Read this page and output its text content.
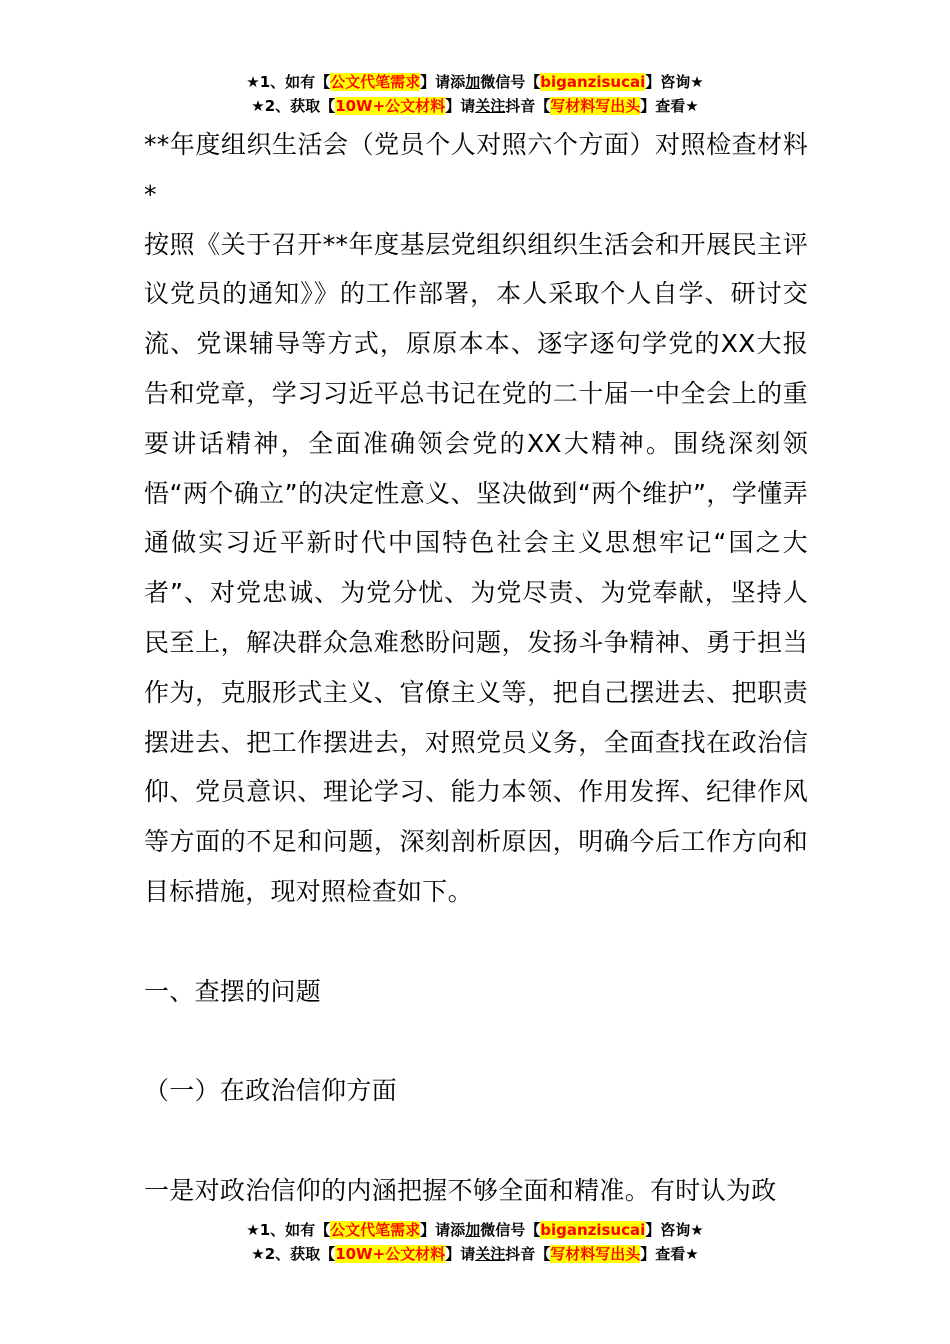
★1、如有【公文代笔需求】请添加微信号【biganzisucai】咨询★
★2、获取【10W+公文材料】请关注抖音【写材料写出头】查看★

**年度组织生活会（党员个人对照六个方面）对照检查材料*

按照《关于召开**年度基层党组织组织生活会和开展民主评议党员的通知》》的工作部署，本人采取个人自学、研讨交流、党课辅导等方式，原原本本、逐字逐句学党的XX大报告和党章，学习习近平总书记在党的二十届一中全会上的重要讲话精神，全面准确领会党的XX大精神。围绕深刻领悟“两个确立”的决定性意义、坚决做到“两个维护”，学懂弄通做实习近平新时代中国特色社会主义思想牢记“国之大者”、对党忠诚、为党分忧、为党尽责、为党奉献，坚持人民至上，解决群众急难愁盼问题，发扬斗争精神、勇于担当作为，克服形式主义、官僚主义等，把自己摆进去、把职责摆进去、把工作摆进去，对照党员义务，全面查找在政治信仰、党员意识、理论学习、能力本领、作用发挥、纪律作风等方面的不足和问题，深刻剖析原因，明确今后工作方向和目标措施，现对照检查如下。

一、查摆的问题

（一）在政治信仰方面

一是对政治信仰的内涵把握不够全面和精准。有时认为政

★1、如有【公文代笔需求】请添加微信号【biganzisucai】咨询★
★2、获取【10W+公文材料】请关注抖音【写材料写出头】查看★
